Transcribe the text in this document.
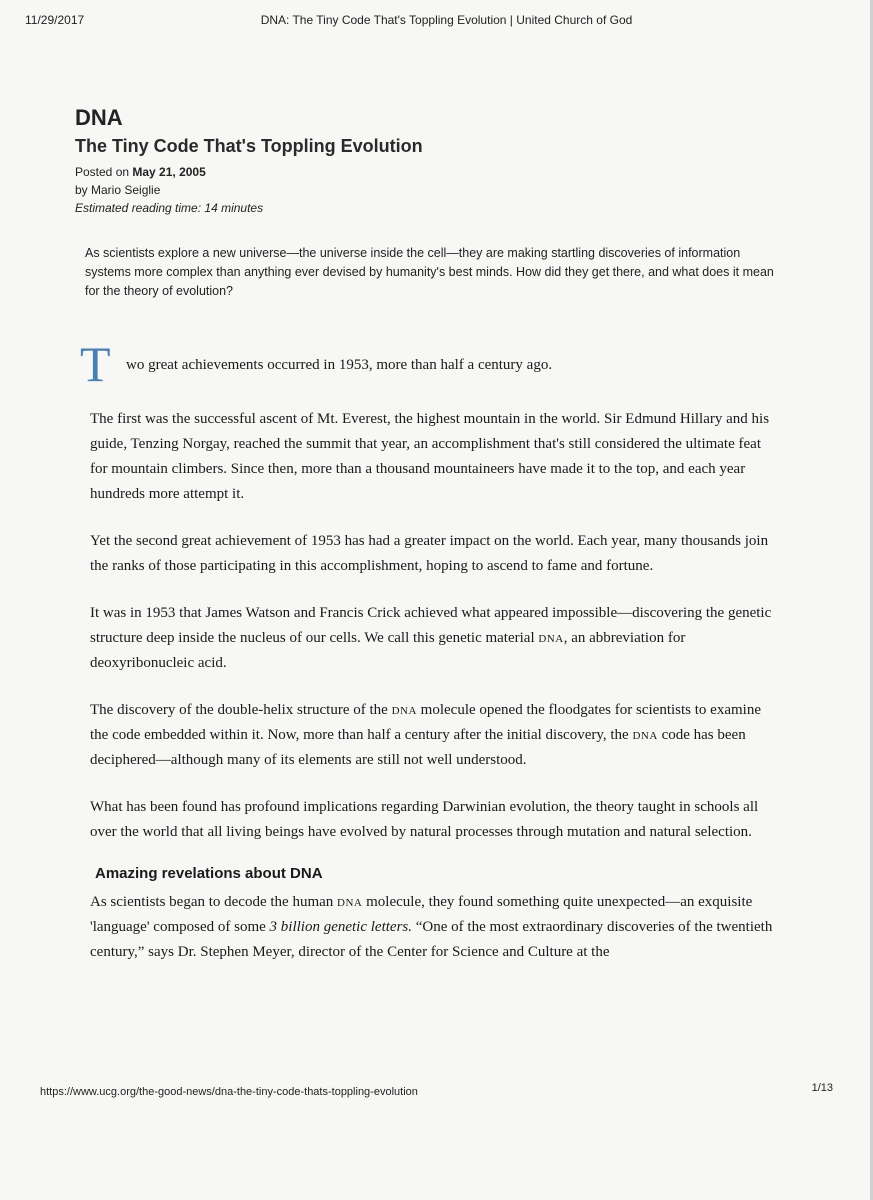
11/29/2017	DNA: The Tiny Code That's Toppling Evolution | United Church of God
DNA
The Tiny Code That's Toppling Evolution
Posted on May 21, 2005
by Mario Seiglie
Estimated reading time: 14 minutes

As scientists explore a new universe—the universe inside the cell—they are making startling discoveries of information systems more complex than anything ever devised by humanity's best minds. How did they get there, and what does it mean for the theory of evolution?

T wo great achievements occurred in 1953, more than half a century ago.

The first was the successful ascent of Mt. Everest, the highest mountain in the world. Sir Edmund Hillary and his guide, Tenzing Norgay, reached the summit that year, an accomplishment that's still considered the ultimate feat for mountain climbers. Since then, more than a thousand mountaineers have made it to the top, and each year hundreds more attempt it.

Yet the second great achievement of 1953 has had a greater impact on the world. Each year, many thousands join the ranks of those participating in this accomplishment, hoping to ascend to fame and fortune.

It was in 1953 that James Watson and Francis Crick achieved what appeared impossible—discovering the genetic structure deep inside the nucleus of our cells. We call this genetic material dna, an abbreviation for deoxyribonucleic acid.

The discovery of the double-helix structure of the dna molecule opened the floodgates for scientists to examine the code embedded within it. Now, more than half a century after the initial discovery, the dna code has been deciphered—although many of its elements are still not well understood.

What has been found has profound implications regarding Darwinian evolution, the theory taught in schools all over the world that all living beings have evolved by natural processes through mutation and natural selection.

Amazing revelations about DNA

As scientists began to decode the human dna molecule, they found something quite unexpected—an exquisite 'language' composed of some 3 billion genetic letters. “One of the most extraordinary discoveries of the twentieth century,” says Dr. Stephen Meyer, director of the Center for Science and Culture at the

https://www.ucg.org/the-good-news/dna-the-tiny-code-thats-toppling-evolution	1/13
